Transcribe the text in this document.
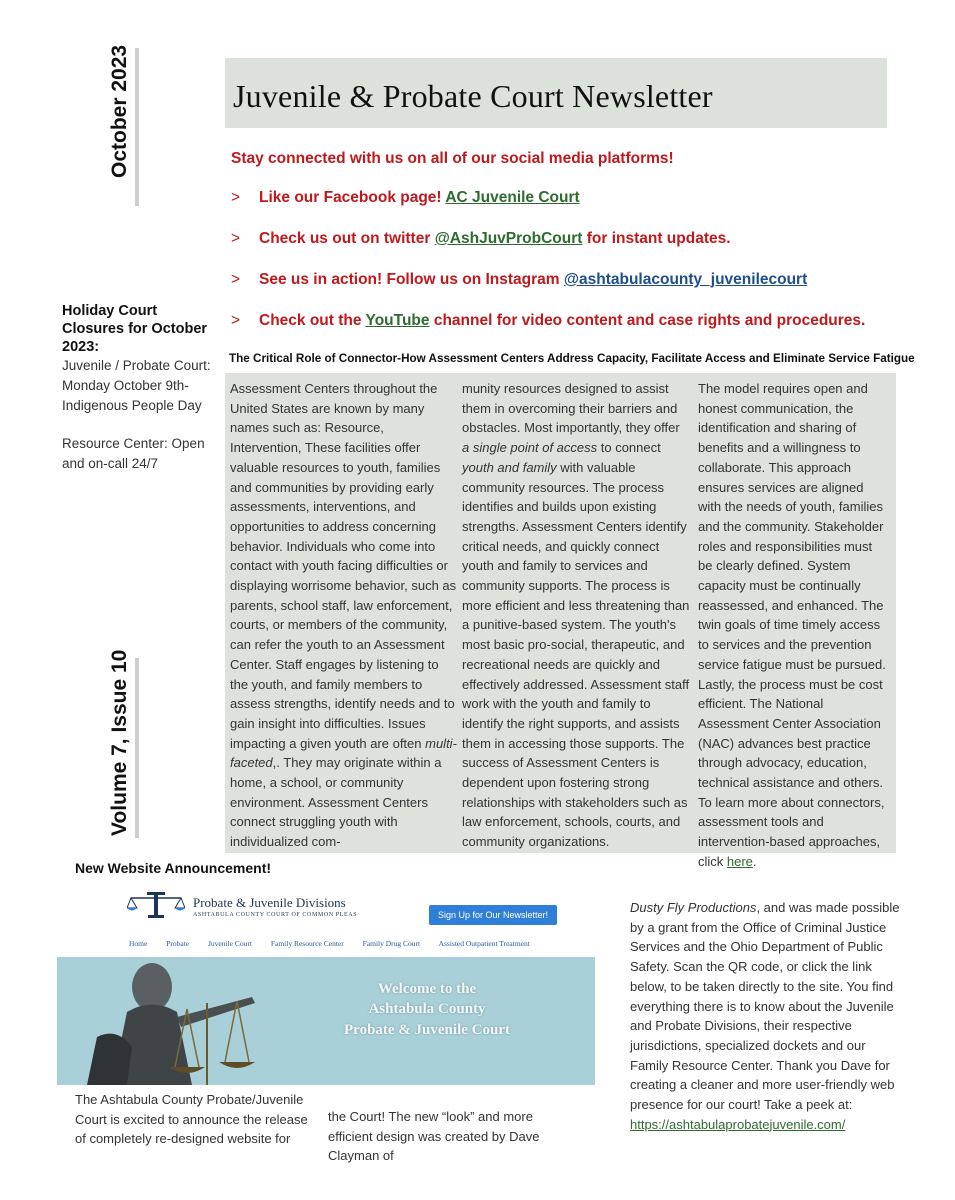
October 2023
Volume 7, Issue 10
Juvenile & Probate Court Newsletter
Stay connected with us on all of our social media platforms!
> Like our Facebook page! AC Juvenile Court
> Check us out on twitter @AshJuvProbCourt for instant updates.
> See us in action! Follow us on Instagram @ashtabulacounty_juvenilecourt
> Check out the YouTube channel for video content and case rights and procedures.
Holiday Court Closures for October 2023:
Juvenile / Probate Court:
Monday October 9th-
Indigenous People Day
Resource Center: Open
and on-call 24/7
The Critical Role of Connector-How Assessment Centers Address Capacity, Facilitate Access and Eliminate Service Fatigue
Assessment Centers throughout the United States are known by many names such as: Resource, Intervention, These facilities offer valuable resources to youth, families and communities by providing early assessments, interventions, and opportunities to address concerning behavior. Individuals who come into contact with youth facing difficulties or displaying worrisome behavior, such as parents, school staff, law enforcement, courts, or members of the community, can refer the youth to an Assessment Center. Staff engages by listening to the youth, and family members to assess strengths, identify needs and to gain insight into difficulties. Issues impacting a given youth are often multi-faceted,. They may originate within a home, a school, or community environment. Assessment Centers connect struggling youth with individualized com-
munity resources designed to assist them in overcoming their barriers and obstacles. Most importantly, they offer a single point of access to connect youth and family with valuable community resources. The process identifies and builds upon existing strengths. Assessment Centers identify critical needs, and quickly connect youth and family to services and community supports. The process is more efficient and less threatening than a punitive-based system. The youth's most basic pro-social, therapeutic, and recreational needs are quickly and effectively addressed. Assessment staff work with the youth and family to identify the right supports, and assists them in accessing those supports. The success of Assessment Centers is dependent upon fostering strong relationships with stakeholders such as law enforcement, schools, courts, and community organizations.
The model requires open and honest communication, the identification and sharing of benefits and a willingness to collaborate. This approach ensures services are aligned with the needs of youth, families and the community. Stakeholder roles and responsibilities must be clearly defined. System capacity must be continually reassessed, and enhanced. The twin goals of time timely access to services and the prevention service fatigue must be pursued. Lastly, the process must be cost efficient. The National Assessment Center Association (NAC) advances best practice through advocacy, education, technical assistance and others. To learn more about connectors, assessment tools and intervention-based approaches, click here.
New Website Announcement!
Probate & Juvenile Divisions
ASHTABULA COUNTY COURT OF COMMON PLEAS	Sign Up for Our Newsletter!
Home	Probate	Juvenile Court	Family Resource Center	Family Drug Court Assisted Outpatient Treatment
Welcome to the
Ashtabula County
Probate & Juvenile Court
The Ashtabula County Probate/Juvenile Court is excited to announce the release of completely re-designed website for
the Court! The new “look” and more efficient design was created by Dave Clayman of
Dusty Fly Productions, and was made possible by a grant from the Office of Criminal Justice Services and the Ohio Department of Public Safety. Scan the QR code, or click the link below, to be taken directly to the site. You find everything there is to know about the Juvenile and Probate Divisions, their respective jurisdictions, specialized dockets and our Family Resource Center. Thank you Dave for creating a cleaner and more user-friendly web presence for our court! Take a peek at: https://ashtabulaprobatejuvenile.com/
